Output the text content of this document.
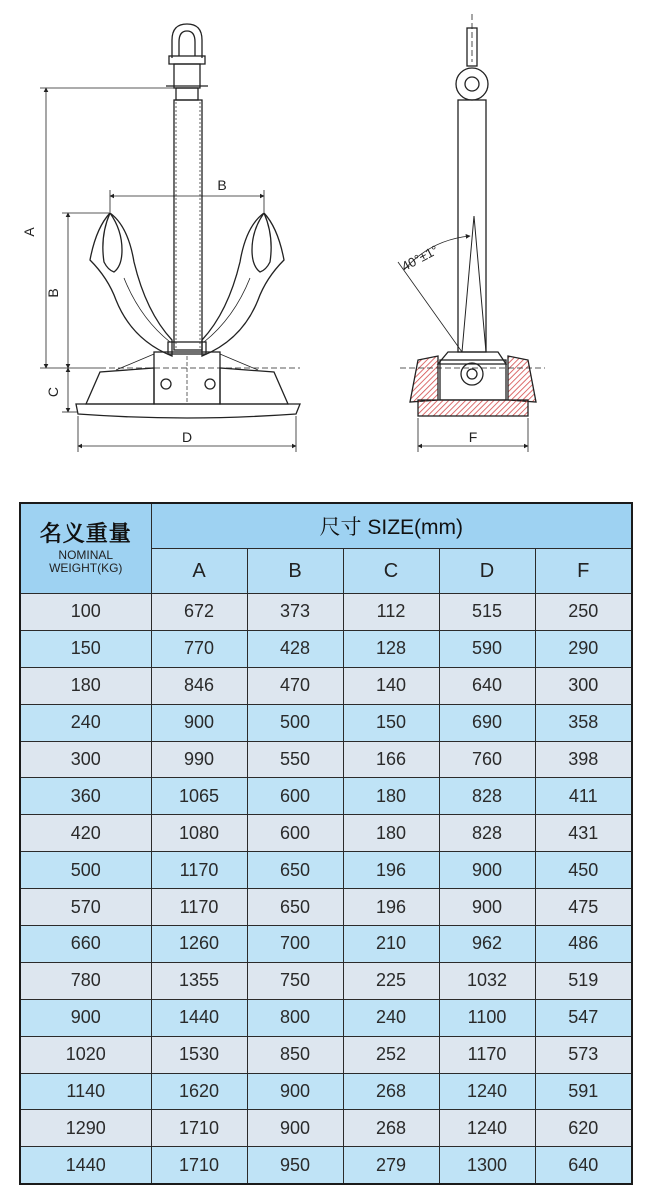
A
B
C
B
D
40°±1°
F
名义重量
NOMINAL
WEIGHT(KG)	尺寸 SIZE(mm)				
	A	B	C	D	F
100	672	373	112	515	250
150	770	428	128	590	290
180	846	470	140	640	300
240	900	500	150	690	358
300	990	550	166	760	398
360	1065	600	180	828	411
420	1080	600	180	828	431
500	1170	650	196	900	450
570	1170	650	196	900	475
660	1260	700	210	962	486
780	1355	750	225	1032	519
900	1440	800	240	1100	547
1020	1530	850	252	1170	573
1140	1620	900	268	1240	591
1290	1710	900	268	1240	620
1440	1710	950	279	1300	640
